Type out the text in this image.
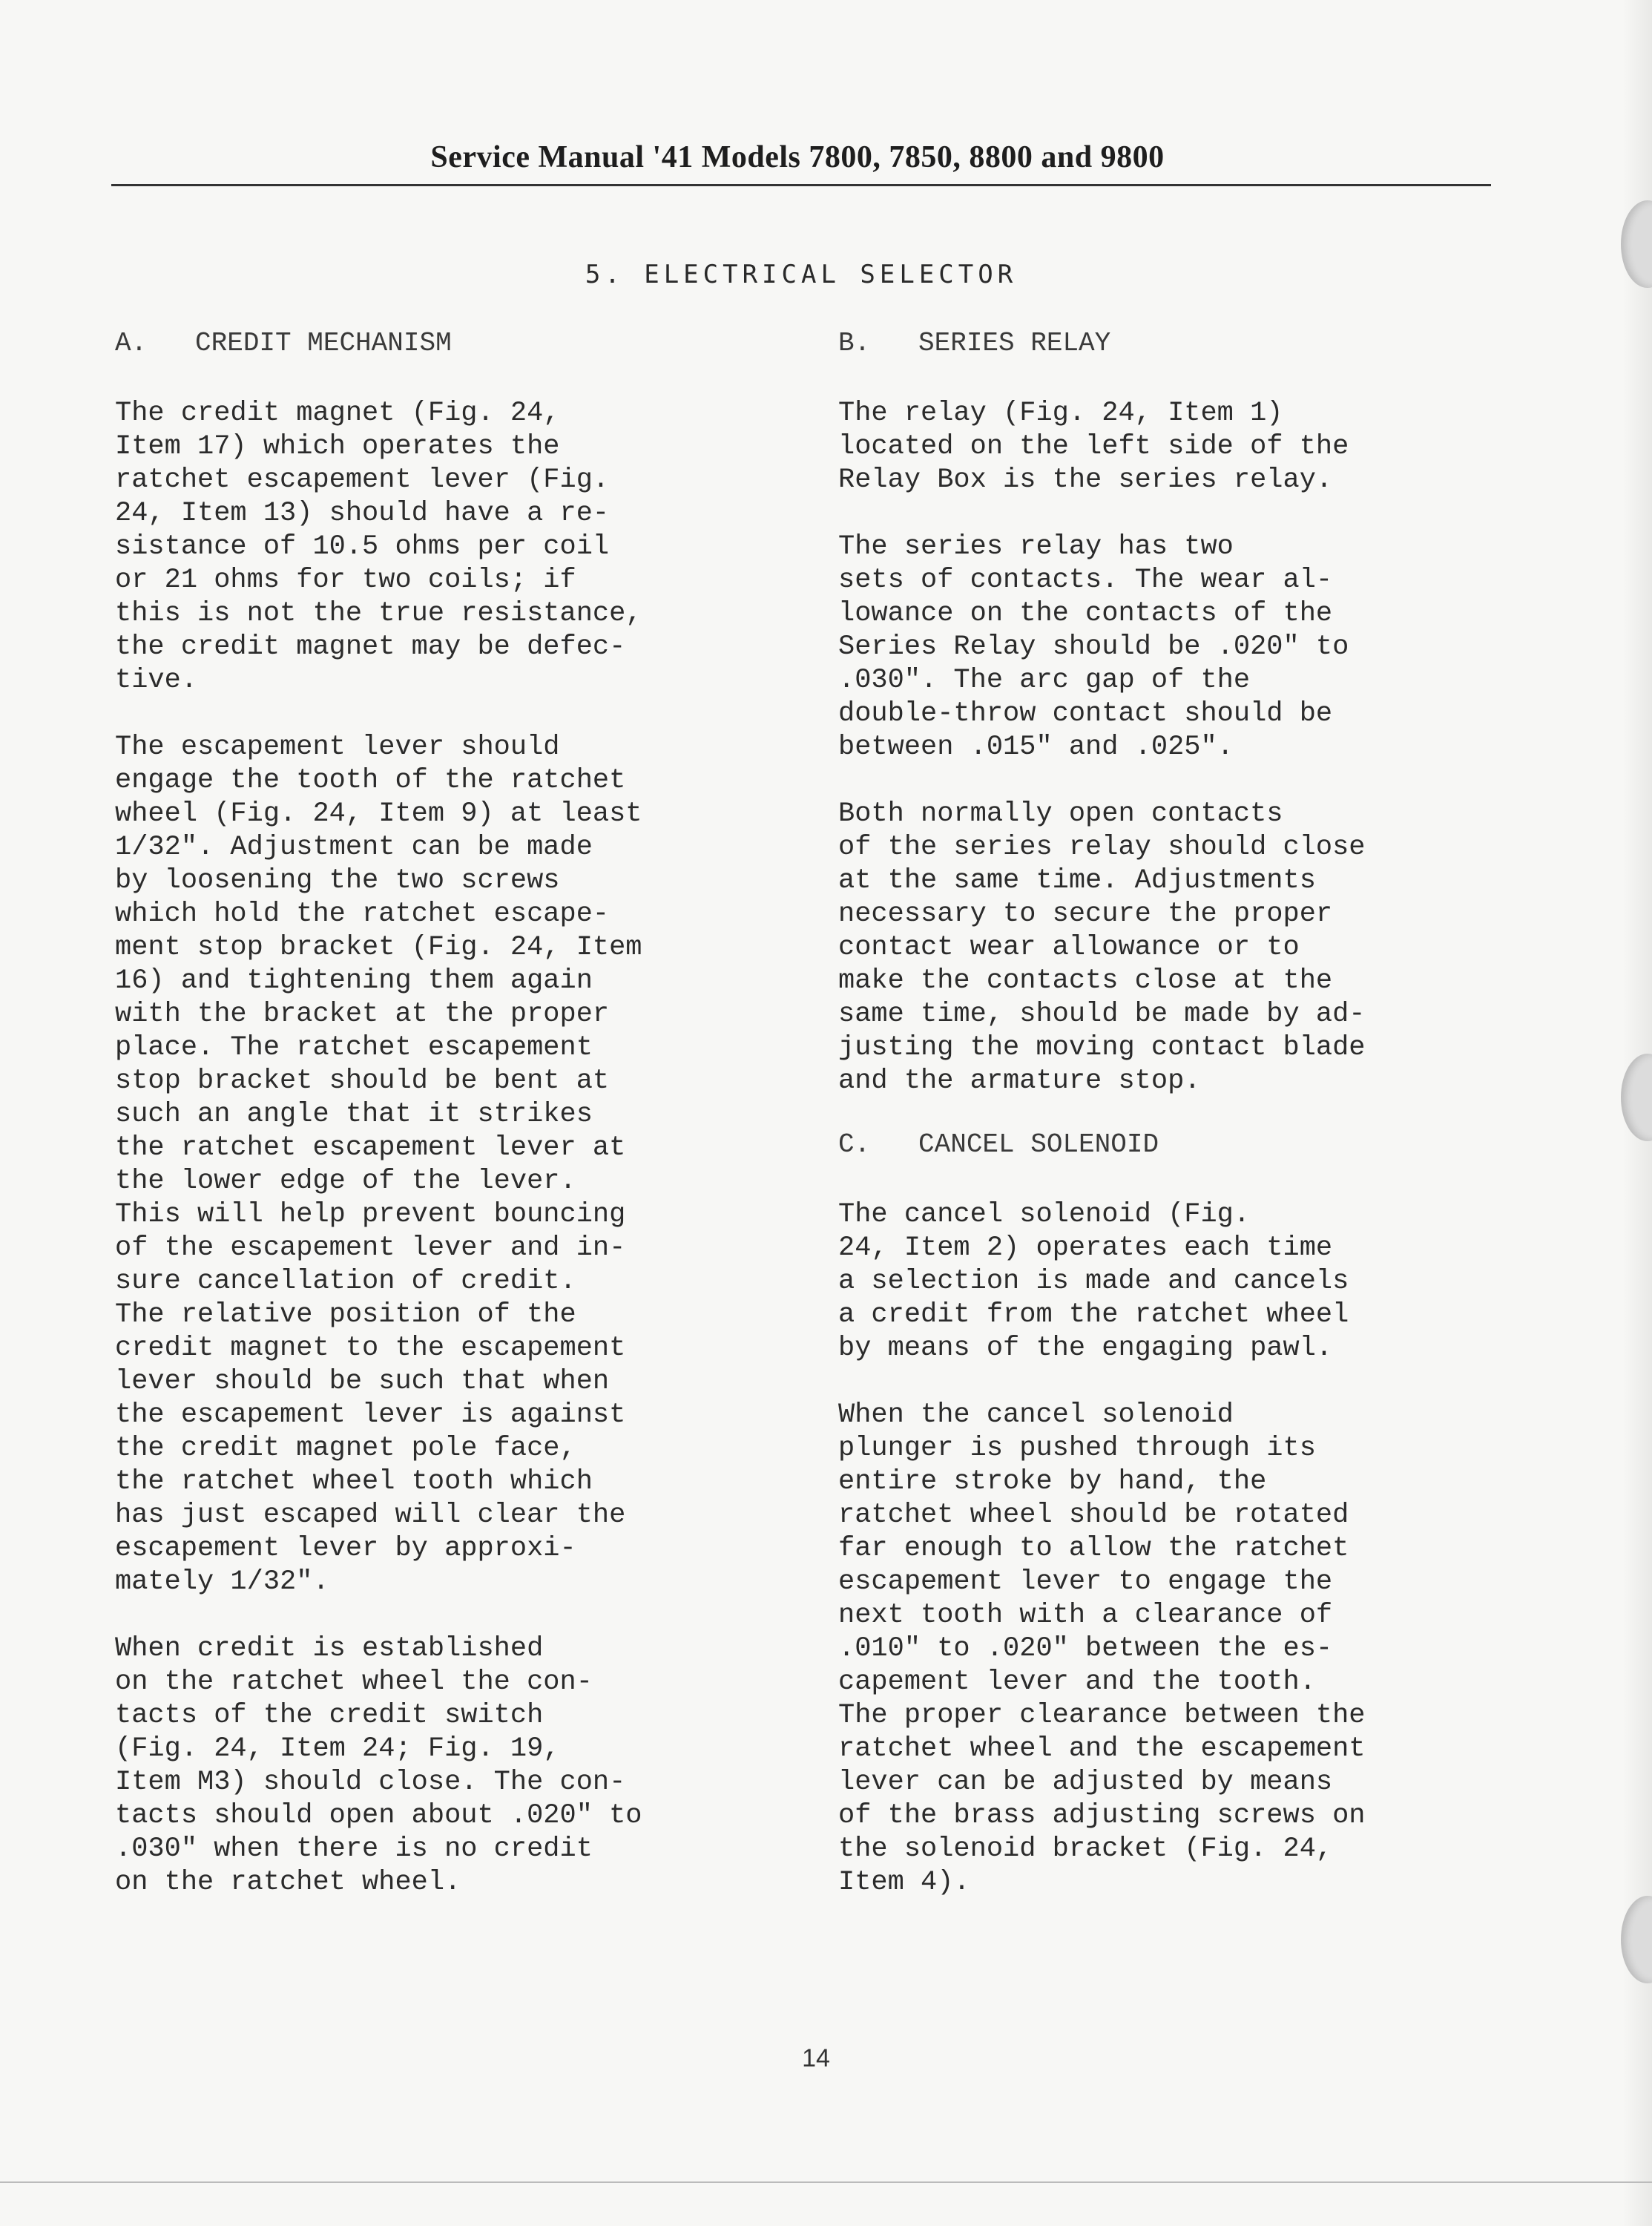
Service Manual '41 Models 7800, 7850, 8800 and 9800
5. ELECTRICAL SELECTOR
A.   CREDIT MECHANISM
The credit magnet (Fig. 24,
Item 17) which operates the
ratchet escapement lever (Fig.
24, Item 13) should have a re-
sistance of 10.5 ohms per coil
or 21 ohms for two coils; if
this is not the true resistance,
the credit magnet may be defec-
tive.
The escapement lever should
engage the tooth of the ratchet
wheel (Fig. 24, Item 9) at least
1/32". Adjustment can be made
by loosening the two screws
which hold the ratchet escape-
ment stop bracket (Fig. 24, Item
16) and tightening them again
with the bracket at the proper
place. The ratchet escapement
stop bracket should be bent at
such an angle that it strikes
the ratchet escapement lever at
the lower edge of the lever.
This will help prevent bouncing
of the escapement lever and in-
sure cancellation of credit.
The relative position of the
credit magnet to the escapement
lever should be such that when
the escapement lever is against
the credit magnet pole face,
the ratchet wheel tooth which
has just escaped will clear the
escapement lever by approxi-
mately 1/32".
When credit is established
on the ratchet wheel the con-
tacts of the credit switch
(Fig. 24, Item 24; Fig. 19,
Item M3) should close. The con-
tacts should open about .020" to
.030" when there is no credit
on the ratchet wheel.
B.   SERIES RELAY
The relay (Fig. 24, Item 1)
located on the left side of the
Relay Box is the series relay.
The series relay has two
sets of contacts. The wear al-
lowance on the contacts of the
Series Relay should be .020" to
.030". The arc gap of the
double-throw contact should be
between .015" and .025".
Both normally open contacts
of the series relay should close
at the same time. Adjustments
necessary to secure the proper
contact wear allowance or to
make the contacts close at the
same time, should be made by ad-
justing the moving contact blade
and the armature stop.
C.   CANCEL SOLENOID
The cancel solenoid (Fig.
24, Item 2) operates each time
a selection is made and cancels
a credit from the ratchet wheel
by means of the engaging pawl.
When the cancel solenoid
plunger is pushed through its
entire stroke by hand, the
ratchet wheel should be rotated
far enough to allow the ratchet
escapement lever to engage the
next tooth with a clearance of
.010" to .020" between the es-
capement lever and the tooth.
The proper clearance between the
ratchet wheel and the escapement
lever can be adjusted by means
of the brass adjusting screws on
the solenoid bracket (Fig. 24,
Item 4).
14
